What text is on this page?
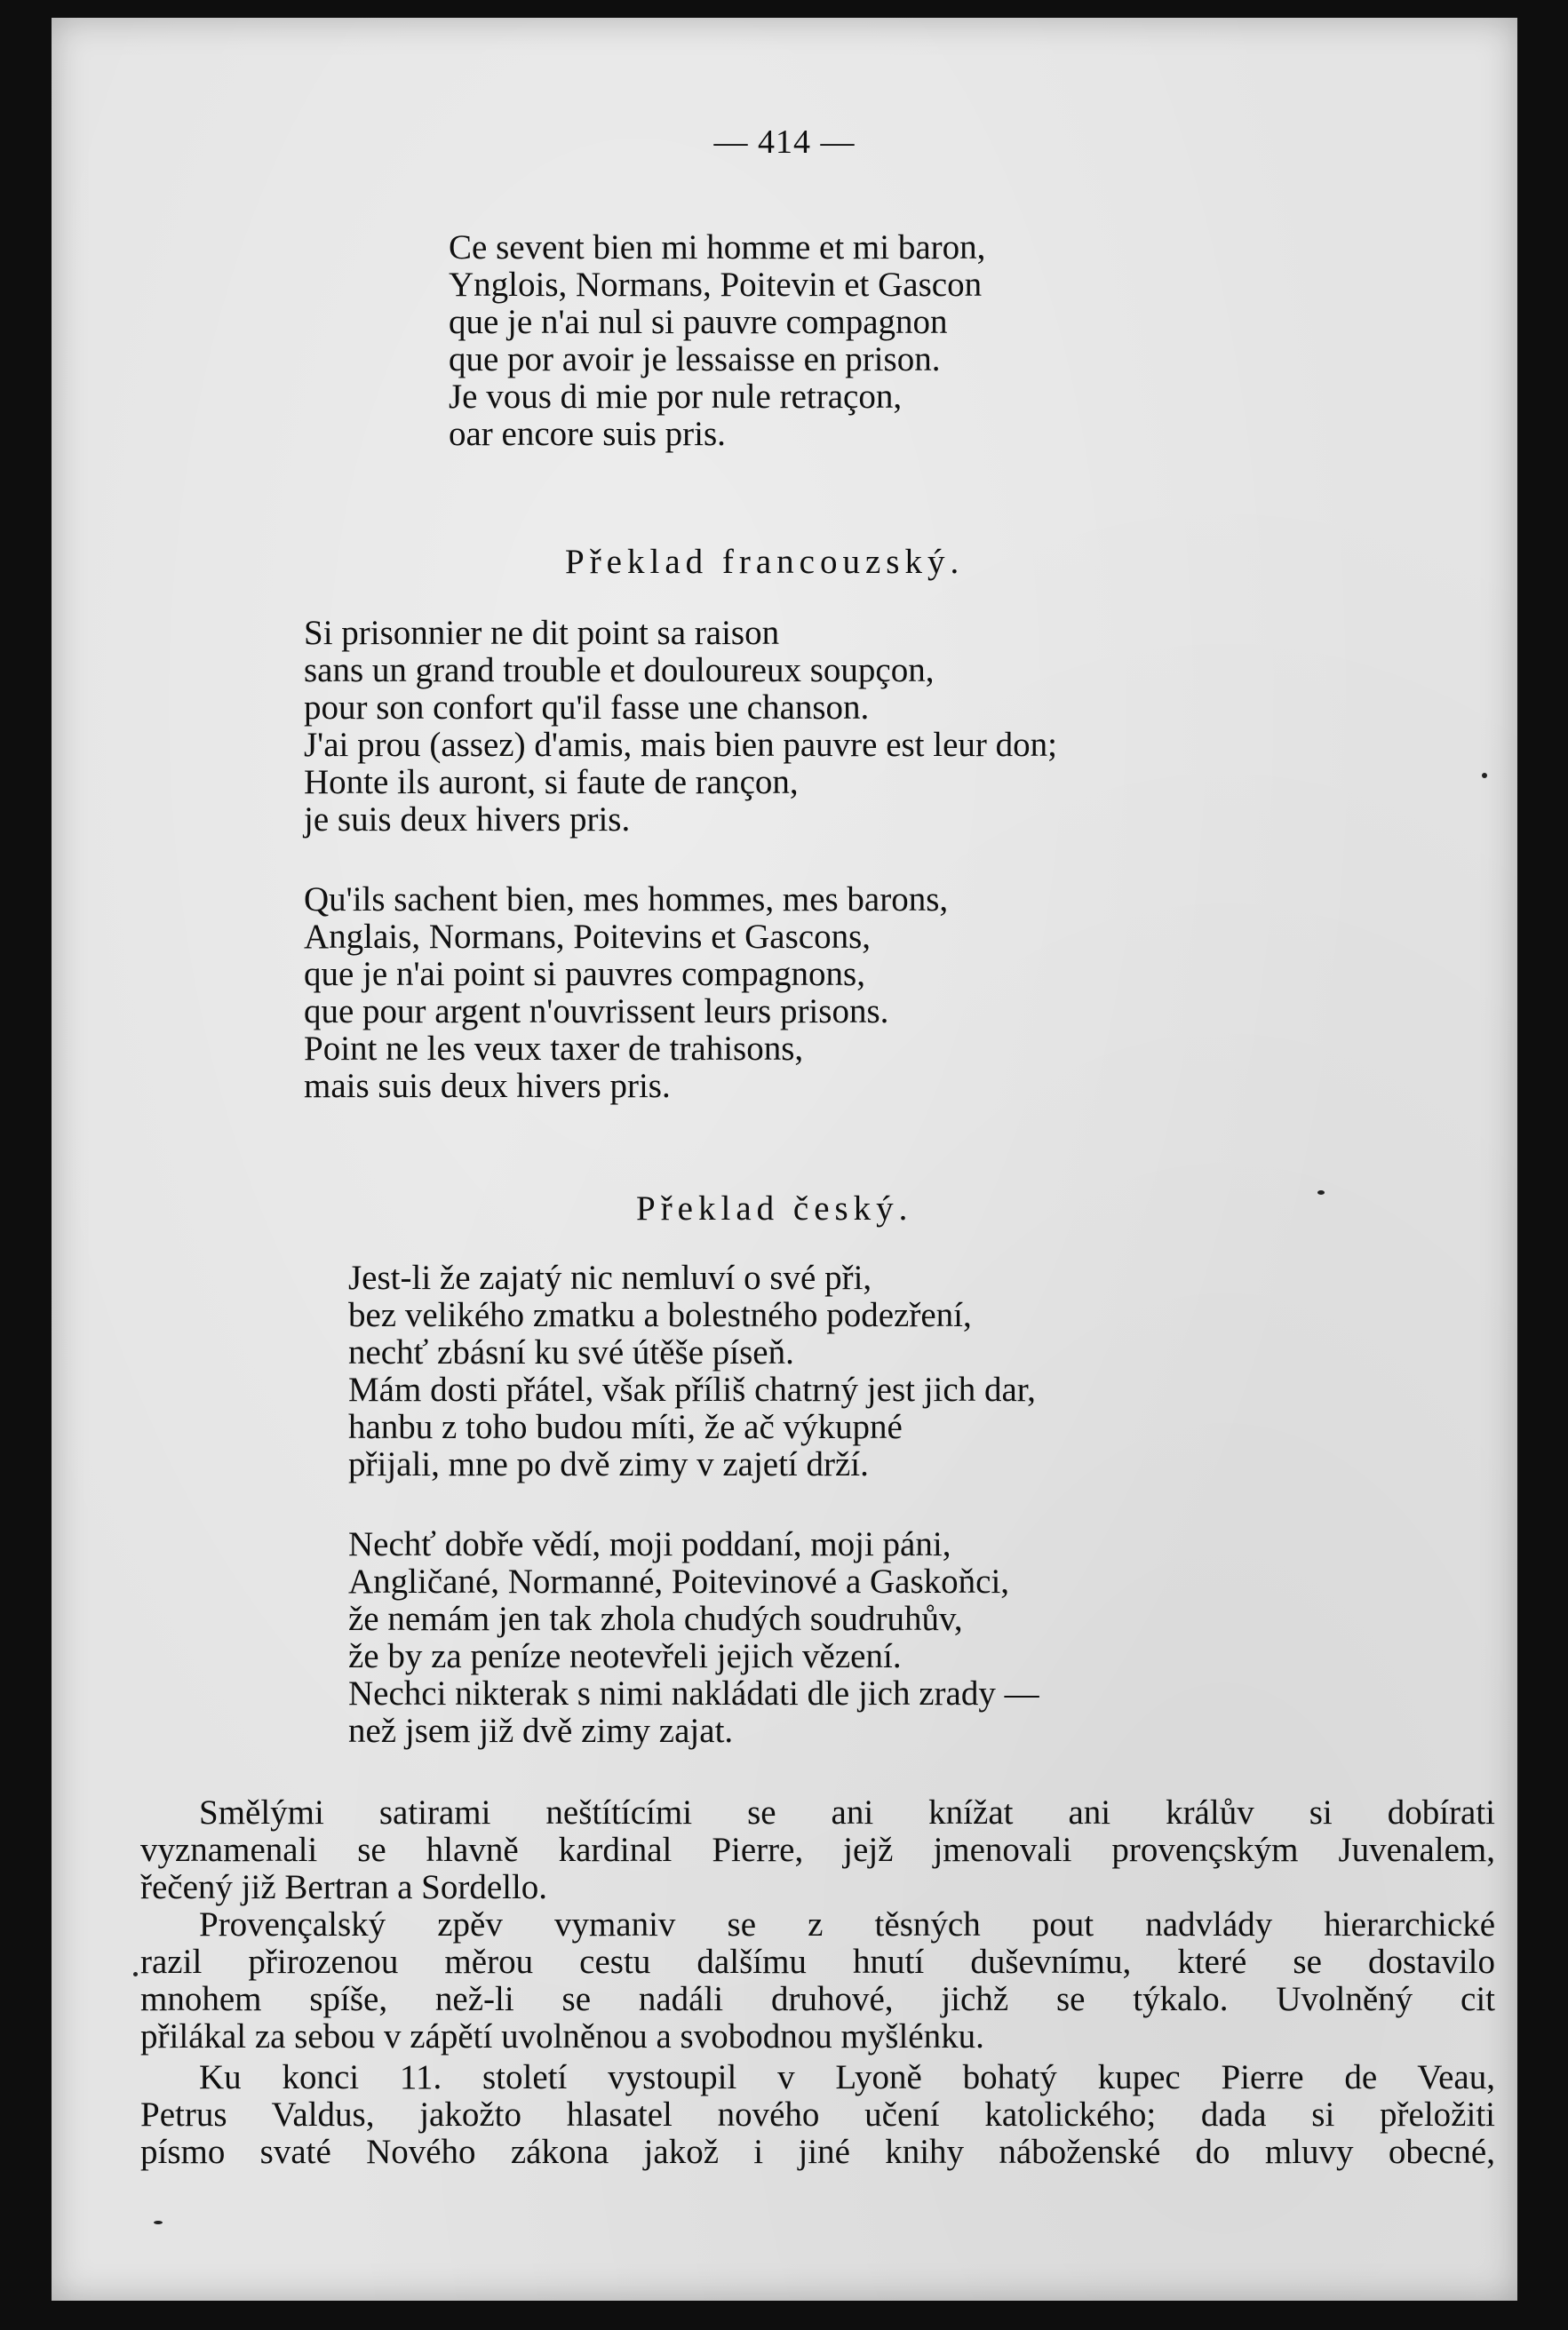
— 414 —
Ce sevent bien mi homme et mi baron,
Ynglois, Normans, Poitevin et Gascon
que je n'ai nul si pauvre compagnon
que por avoir je lessaisse en prison.
Je vous di mie por nule retraçon,
oar encore suis pris.
Překlad francouzský.
Si prisonnier ne dit point sa raison
sans un grand trouble et douloureux soupçon,
pour son confort qu'il fasse une chanson.
J'ai prou (assez) d'amis, mais bien pauvre est leur don;
Honte ils auront, si faute de rançon,
je suis deux hivers pris.
Qu'ils sachent bien, mes hommes, mes barons,
Anglais, Normans, Poitevins et Gascons,
que je n'ai point si pauvres compagnons,
que pour argent n'ouvrissent leurs prisons.
Point ne les veux taxer de trahisons,
mais suis deux hivers pris.
Překlad český.
Jest-li že zajatý nic nemluví o své při,
bez velikého zmatku a bolestného podezření,
nechť zbásní ku své útěše píseň.
Mám dosti přátel, však příliš chatrný jest jich dar,
hanbu z toho budou míti, že ač výkupné
přijali, mne po dvě zimy v zajetí drží.
Nechť dobře vědí, moji poddaní, moji páni,
Angličané, Normanné, Poitevinové a Gaskoňci,
že nemám jen tak zhola chudých soudruhův,
že by za peníze neotevřeli jejich vězení.
Nechci nikterak s nimi nakládati dle jich zrady —
než jsem již dvě zimy zajat.
Smělými satirami neštítícími se ani knížat ani králův si dobírati
vyznamenali se hlavně kardinal Pierre, jejž jmenovali provençským Juvenalem,
řečený již Bertran a Sordello.
Provençalský zpěv vymaniv se z těsných pout nadvlády hierarchické
razil přirozenou měrou cestu dalšímu hnutí duševnímu, které se dostavilo
mnohem spíše, než-li se nadáli druhové, jichž se týkalo. Uvolněný cit
přilákal za sebou v zápětí uvolněnou a svobodnou myšlénku.
Ku konci 11. století vystoupil v Lyoně bohatý kupec Pierre de Veau,
Petrus Valdus, jakožto hlasatel nového učení katolického; dada si přeložiti
písmo svaté Nového zákona jakož i jiné knihy náboženské do mluvy obecné,
